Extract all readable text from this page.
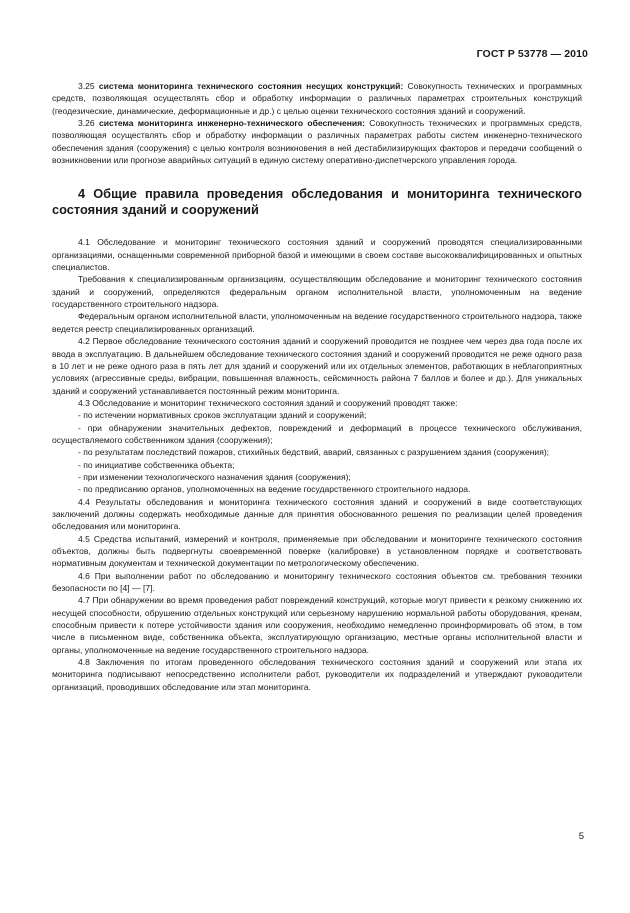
ГОСТ Р 53778 — 2010

3.25 система мониторинга технического состояния несущих конструкций: Совокупность технических и программных средств, позволяющая осуществлять сбор и обработку информации о различных параметрах строительных конструкций (геодезические, динамические, деформационные и др.) с целью оценки технического состояния зданий и сооружений.

3.26 система мониторинга инженерно-технического обеспечения: Совокупность технических и программных средств, позволяющая осуществлять сбор и обработку информации о различных параметрах работы систем инженерно-технического обеспечения здания (сооружения) с целью контроля возникновения в ней дестабилизирующих факторов и передачи сообщений о возникновении или прогнозе аварийных ситуаций в единую систему оперативно-диспетчерского управления города.

4 Общие правила проведения обследования и мониторинга технического состояния зданий и сооружений

4.1 Обследование и мониторинг технического состояния зданий и сооружений проводятся специализированными организациями, оснащенными современной приборной базой и имеющими в своем составе высококвалифицированных и опытных специалистов.

Требования к специализированным организациям, осуществляющим обследование и мониторинг технического состояния зданий и сооружений, определяются федеральным органом исполнительной власти, уполномоченным на ведение государственного строительного надзора.

Федеральным органом исполнительной власти, уполномоченным на ведение государственного строительного надзора, также ведется реестр специализированных организаций.

4.2 Первое обследование технического состояния зданий и сооружений проводится не позднее чем через два года после их ввода в эксплуатацию. В дальнейшем обследование технического состояния зданий и сооружений проводится не реже одного раза в 10 лет и не реже одного раза в пять лет для зданий и сооружений или их отдельных элементов, работающих в неблагоприятных условиях (агрессивные среды, вибрации, повышенная влажность, сейсмичность района 7 баллов и более и др.). Для уникальных зданий и сооружений устанавливается постоянный режим мониторинга.

4.3 Обследование и мониторинг технического состояния зданий и сооружений проводят также:

- по истечении нормативных сроков эксплуатации зданий и сооружений;

- при обнаружении значительных дефектов, повреждений и деформаций в процессе технического обслуживания, осуществляемого собственником здания (сооружения);

- по результатам последствий пожаров, стихийных бедствий, аварий, связанных с разрушением здания (сооружения);

- по инициативе собственника объекта;

- при изменении технологического назначения здания (сооружения);

- по предписанию органов, уполномоченных на ведение государственного строительного надзора.

4.4 Результаты обследования и мониторинга технического состояния зданий и сооружений в виде соответствующих заключений должны содержать необходимые данные для принятия обоснованного решения по реализации целей проведения обследования или мониторинга.

4.5 Средства испытаний, измерений и контроля, применяемые при обследовании и мониторинге технического состояния объектов, должны быть подвергнуты своевременной поверке (калибровке) в установленном порядке и соответствовать нормативным документам и технической документации по метрологическому обеспечению.

4.6 При выполнении работ по обследованию и мониторингу технического состояния объектов см. требования техники безопасности по [4] — [7].

4.7 При обнаружении во время проведения работ повреждений конструкций, которые могут привести к резкому снижению их несущей способности, обрушению отдельных конструкций или серьезному нарушению нормальной работы оборудования, кренам, способным привести к потере устойчивости здания или сооружения, необходимо немедленно проинформировать об этом, в том числе в письменном виде, собственника объекта, эксплуатирующую организацию, местные органы исполнительной власти и органы, уполномоченные на ведение государственного строительного надзора.

4.8 Заключения по итогам проведенного обследования технического состояния зданий и сооружений или этапа их мониторинга подписывают непосредственно исполнители работ, руководители их подразделений и утверждают руководители организаций, проводивших обследование или этап мониторинга.

5
